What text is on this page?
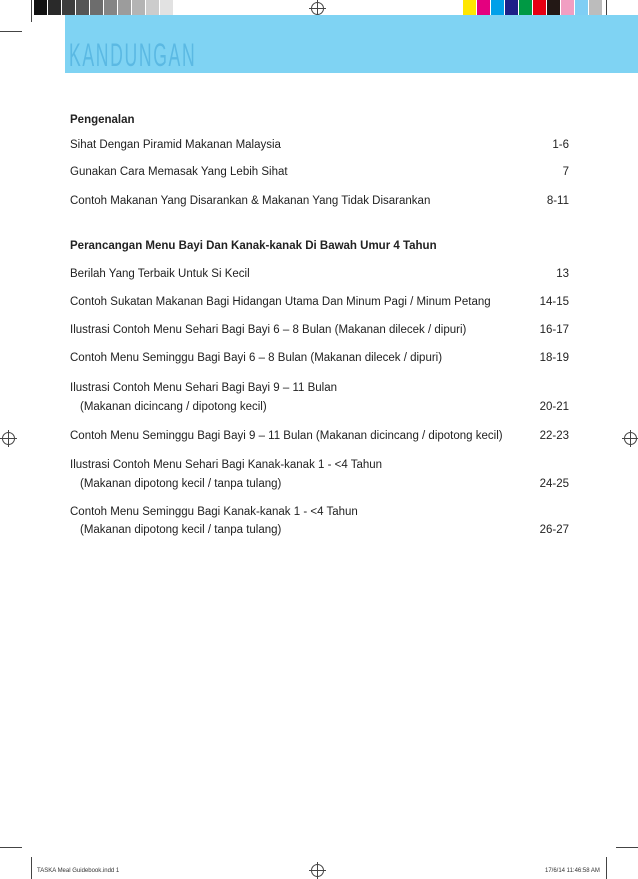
KANDUNGAN
Pengenalan
Sihat Dengan Piramid Makanan Malaysia	1-6
Gunakan Cara Memasak Yang Lebih Sihat	7
Contoh Makanan Yang Disarankan & Makanan Yang Tidak Disarankan	8-11
Perancangan Menu Bayi Dan Kanak-kanak Di Bawah Umur 4 Tahun
Berilah Yang Terbaik Untuk Si Kecil	13
Contoh Sukatan Makanan Bagi Hidangan Utama Dan Minum Pagi / Minum Petang	14-15
Ilustrasi Contoh Menu Sehari Bagi Bayi 6 – 8 Bulan (Makanan dilecek / dipuri)	16-17
Contoh Menu Seminggu Bagi Bayi 6 – 8 Bulan (Makanan dilecek / dipuri)	18-19
Ilustrasi Contoh Menu Sehari Bagi Bayi 9 – 11 Bulan
(Makanan dicincang / dipotong kecil)	20-21
Contoh Menu Seminggu Bagi Bayi 9 – 11 Bulan (Makanan dicincang / dipotong kecil)	22-23
Ilustrasi Contoh Menu Sehari Bagi Kanak-kanak 1 - <4 Tahun
(Makanan dipotong kecil / tanpa tulang)	24-25
Contoh Menu Seminggu Bagi Kanak-kanak 1 - <4 Tahun
(Makanan dipotong kecil / tanpa tulang)	26-27
TASKA Meal Guidebook.indd 1	17/6/14 11:46:58 AM
